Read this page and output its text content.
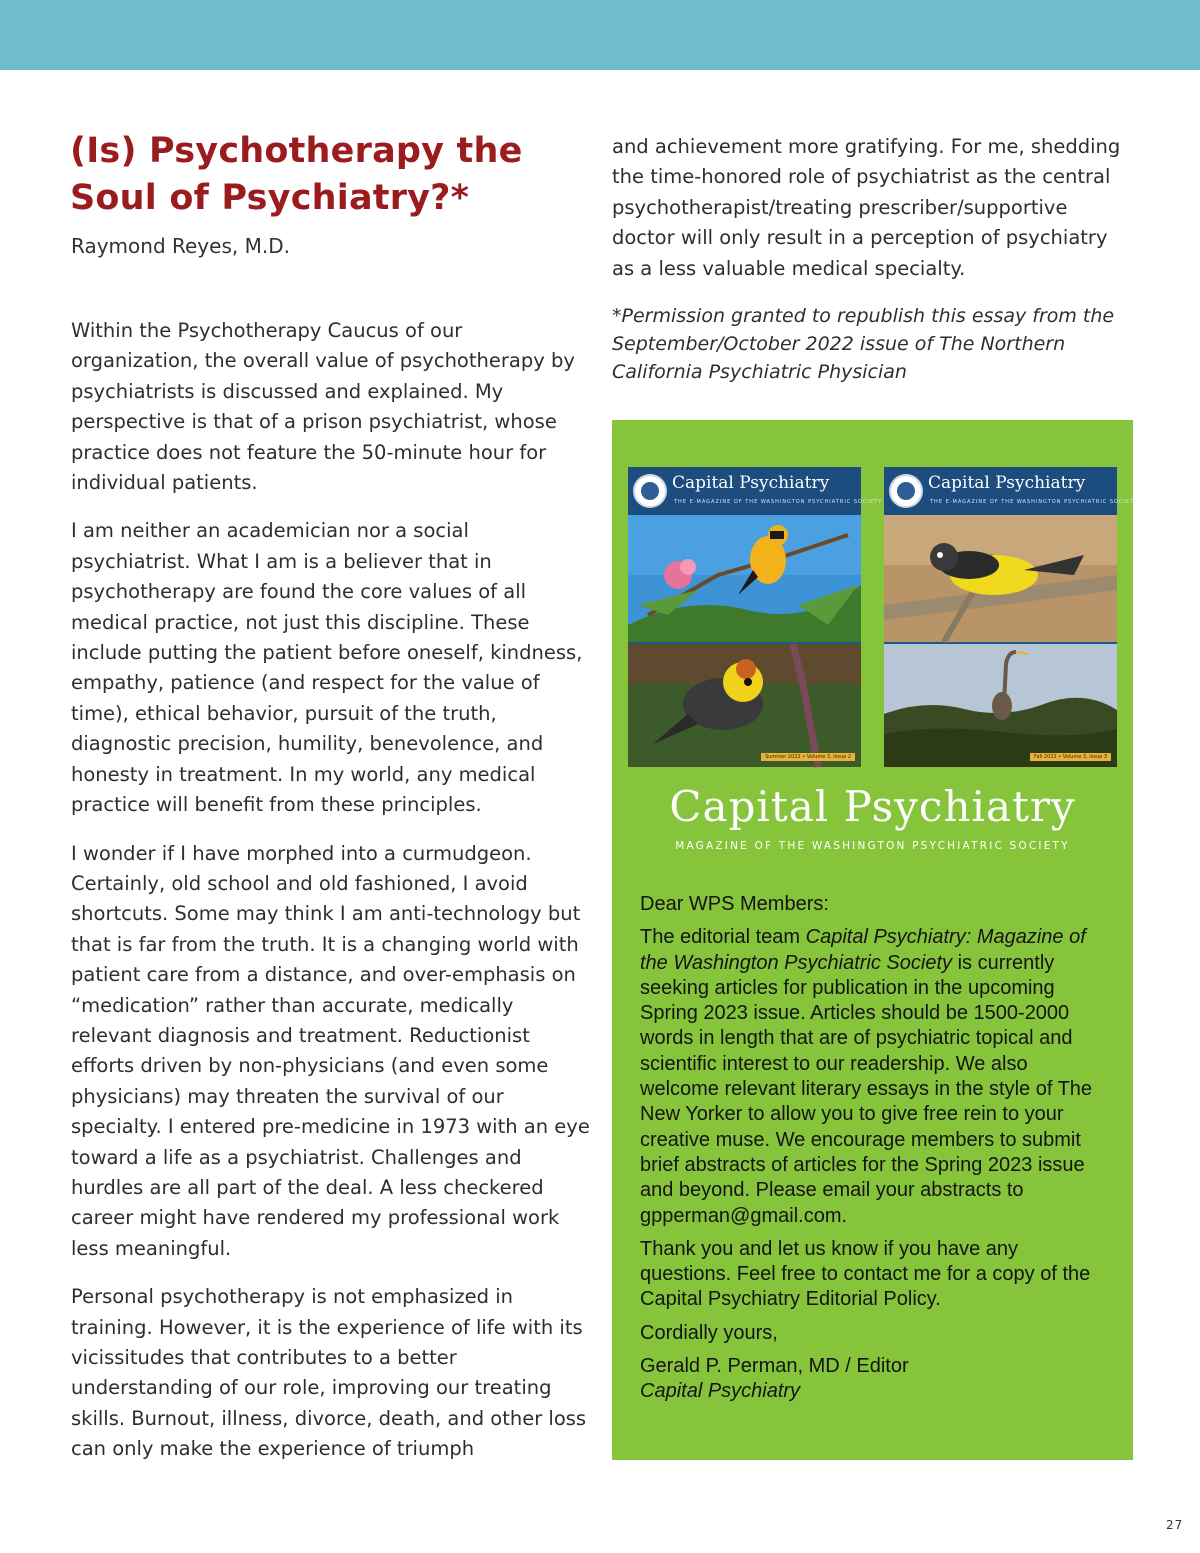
(Is) Psychotherapy the
Soul of Psychiatry?*

Raymond Reyes, M.D.

Within the Psychotherapy Caucus of our organization, the overall value of psychotherapy by psychiatrists is discussed and explained. My perspective is that of a prison psychiatrist, whose practice does not feature the 50-minute hour for individual patients.

I am neither an academician nor a social psychiatrist. What I am is a believer that in psychotherapy are found the core values of all medical practice, not just this discipline. These include putting the patient before oneself, kindness, empathy, patience (and respect for the value of time), ethical behavior, pursuit of the truth, diagnostic precision, humility, benevolence, and honesty in treatment. In my world, any medical practice will benefit from these principles.

I wonder if I have morphed into a curmudgeon. Certainly, old school and old fashioned, I avoid shortcuts. Some may think I am anti-technology but that is far from the truth. It is a changing world with patient care from a distance, and over-emphasis on “medication” rather than accurate, medically relevant diagnosis and treatment. Reductionist efforts driven by non-physicians (and even some physicians) may threaten the survival of our specialty. I entered pre-medicine in 1973 with an eye toward a life as a psychiatrist. Challenges and hurdles are all part of the deal. A less checkered career might have rendered my professional work less meaningful.

Personal psychotherapy is not emphasized in training. However, it is the experience of life with its vicissitudes that contributes to a better understanding of our role, improving our treating skills. Burnout, illness, divorce, death, and other loss can only make the experience of triumph

and achievement more gratifying. For me, shedding the time-honored role of psychiatrist as the central psychotherapist/treating prescriber/supportive doctor will only result in a perception of psychiatry as a less valuable medical specialty.

*Permission granted to republish this essay from the September/October 2022 issue of The Northern California Psychiatric Physician

Capital Psychiatry
THE E-MAGAZINE OF THE WASHINGTON PSYCHIATRIC SOCIETY
Summer 2022 • Volume 3, Issue 2
Capital Psychiatry
THE E-MAGAZINE OF THE WASHINGTON PSYCHIATRIC SOCIETY
Fall 2022 • Volume 3, Issue 3

Capital Psychiatry

MAGAZINE OF THE WASHINGTON PSYCHIATRIC SOCIETY

Dear WPS Members:

The editorial team Capital Psychiatry: Magazine of the Washington Psychiatric Society is currently seeking articles for publication in the upcoming Spring 2023 issue. Articles should be 1500-2000 words in length that are of psychiatric topical and scientific interest to our readership. We also welcome relevant literary essays in the style of The New Yorker to allow you to give free rein to your creative muse. We encourage members to submit brief abstracts of articles for the Spring 2023 issue and beyond. Please email your abstracts to gpperman@gmail.com.

Thank you and let us know if you have any questions. Feel free to contact me for a copy of the Capital Psychiatry Editorial Policy.

Cordially yours,

Gerald P. Perman, MD / Editor

Capital Psychiatry

27
